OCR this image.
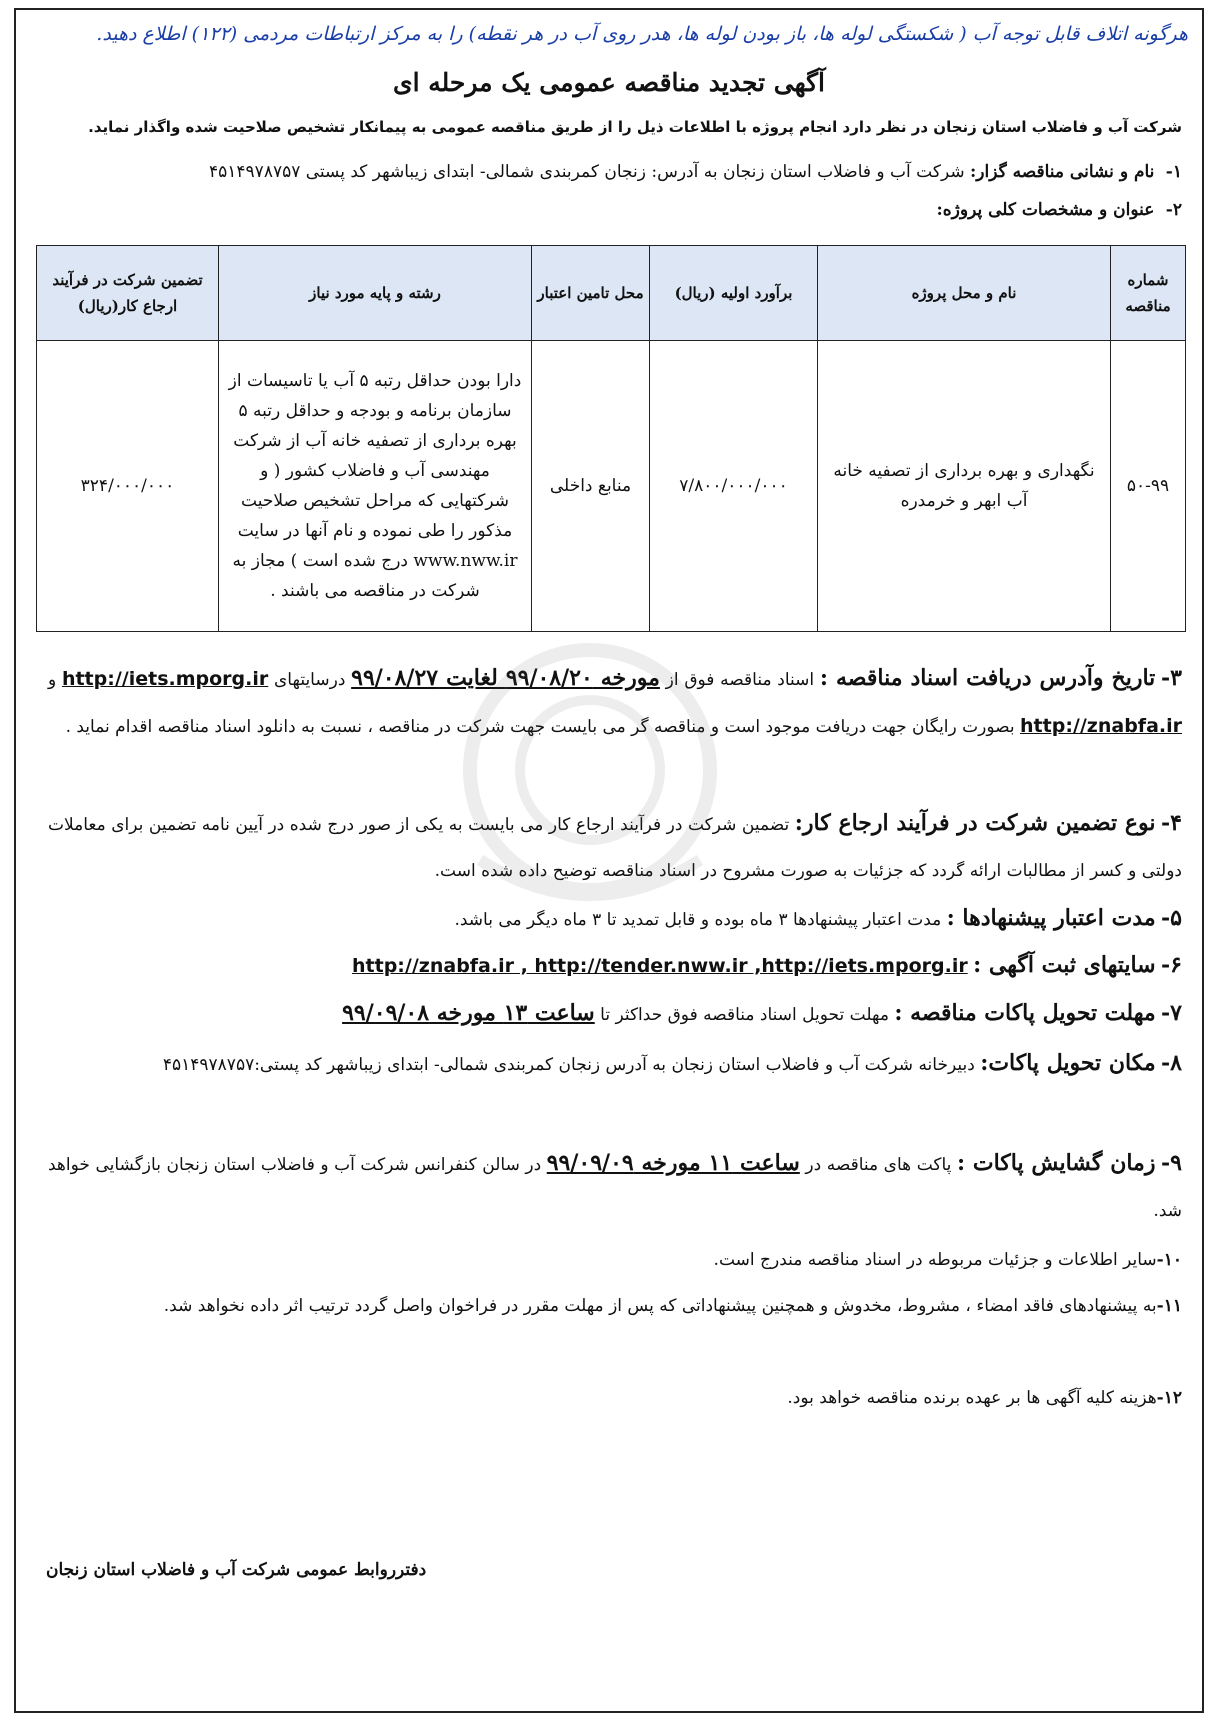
هرگونه اتلاف قابل توجه آب ( شکستگی لوله ها، باز بودن لوله ها، هدر روی آب در هر نقطه) را به مرکز ارتباطات مردمی (۱۲۲) اطلاع دهید.
آگهی تجدید مناقصه عمومی یک مرحله ای
شرکت آب و فاضلاب استان زنجان در نظر دارد انجام پروژه با اطلاعات ذیل را از طریق مناقصه عمومی به پیمانکار تشخیص صلاحیت شده واگذار نماید.
۱- نام و نشانی مناقصه گزار: شرکت آب و فاضلاب استان زنجان به آدرس: زنجان کمربندی شمالی- ابتدای زیباشهر کد پستی ۴۵۱۴۹۷۸۷۵۷
۲- عنوان و مشخصات کلی پروژه:
شماره مناقصه	نام و محل پروژه	برآورد اولیه (ریال)	محل تامین اعتبار	رشته و پایه مورد نیاز	تضمین شرکت در فرآیند ارجاع کار(ریال)
۵۰-۹۹	نگهداری و بهره برداری از تصفیه خانه آب ابهر و خرمدره	۷/۸۰۰/۰۰۰/۰۰۰	منابع داخلی	دارا بودن حداقل رتبه ۵ آب یا تاسیسات از سازمان برنامه و بودجه و حداقل رتبه ۵ بهره برداری از تصفیه خانه آب از شرکت مهندسی آب و فاضلاب کشور ( و شرکتهایی که مراحل تشخیص صلاحیت مذکور را طی نموده و نام آنها در سایت www.nww.ir درج شده است ) مجاز به شرکت در مناقصه می باشند .	۳۲۴/۰۰۰/۰۰۰
۳- تاریخ وآدرس دریافت اسناد مناقصه : اسناد مناقصه فوق از مورخه ۹۹/۰۸/۲۰ لغایت ۹۹/۰۸/۲۷ درسایتهای http://iets.mporg.ir و http://znabfa.ir بصورت رایگان جهت دریافت موجود است و مناقصه گر می بایست جهت شرکت در مناقصه ، نسبت به دانلود اسناد مناقصه اقدام نماید .
۴- نوع تضمین شرکت در فرآیند ارجاع کار: تضمین شرکت در فرآیند ارجاع کار می بایست به یکی از صور درج شده در آیین نامه تضمین برای معاملات دولتی و کسر از مطالبات ارائه گردد که جزئیات به صورت مشروح در اسناد مناقصه توضیح داده شده است.
۵- مدت اعتبار پیشنهادها : مدت اعتبار پیشنهادها ۳ ماه بوده و قابل تمدید تا ۳ ماه دیگر می باشد.
۶- سایتهای ثبت آگهی : http://znabfa.ir , http://tender.nww.ir ,http://iets.mporg.ir
۷- مهلت تحویل پاکات مناقصه : مهلت تحویل اسناد مناقصه فوق حداکثر تا ساعت ۱۳ مورخه ۹۹/۰۹/۰۸
۸- مکان تحویل پاکات: دبیرخانه شرکت آب و فاضلاب استان زنجان به آدرس زنجان کمربندی شمالی- ابتدای زیباشهر کد پستی:۴۵۱۴۹۷۸۷۵۷
۹- زمان گشایش پاکات : پاکت های مناقصه در ساعت ۱۱ مورخه ۹۹/۰۹/۰۹ در سالن کنفرانس شرکت آب و فاضلاب استان زنجان بازگشایی خواهد شد.
۱۰-سایر اطلاعات و جزئیات مربوطه در اسناد مناقصه مندرج است.
۱۱-به پیشنهادهای فاقد امضاء ، مشروط، مخدوش و همچنین پیشنهاداتی که پس از مهلت مقرر در فراخوان واصل گردد ترتیب اثر داده نخواهد شد.
۱۲-هزینه کلیه آگهی ها بر عهده برنده مناقصه خواهد بود.
دفترروابط عمومی شرکت آب و فاضلاب استان زنجان
